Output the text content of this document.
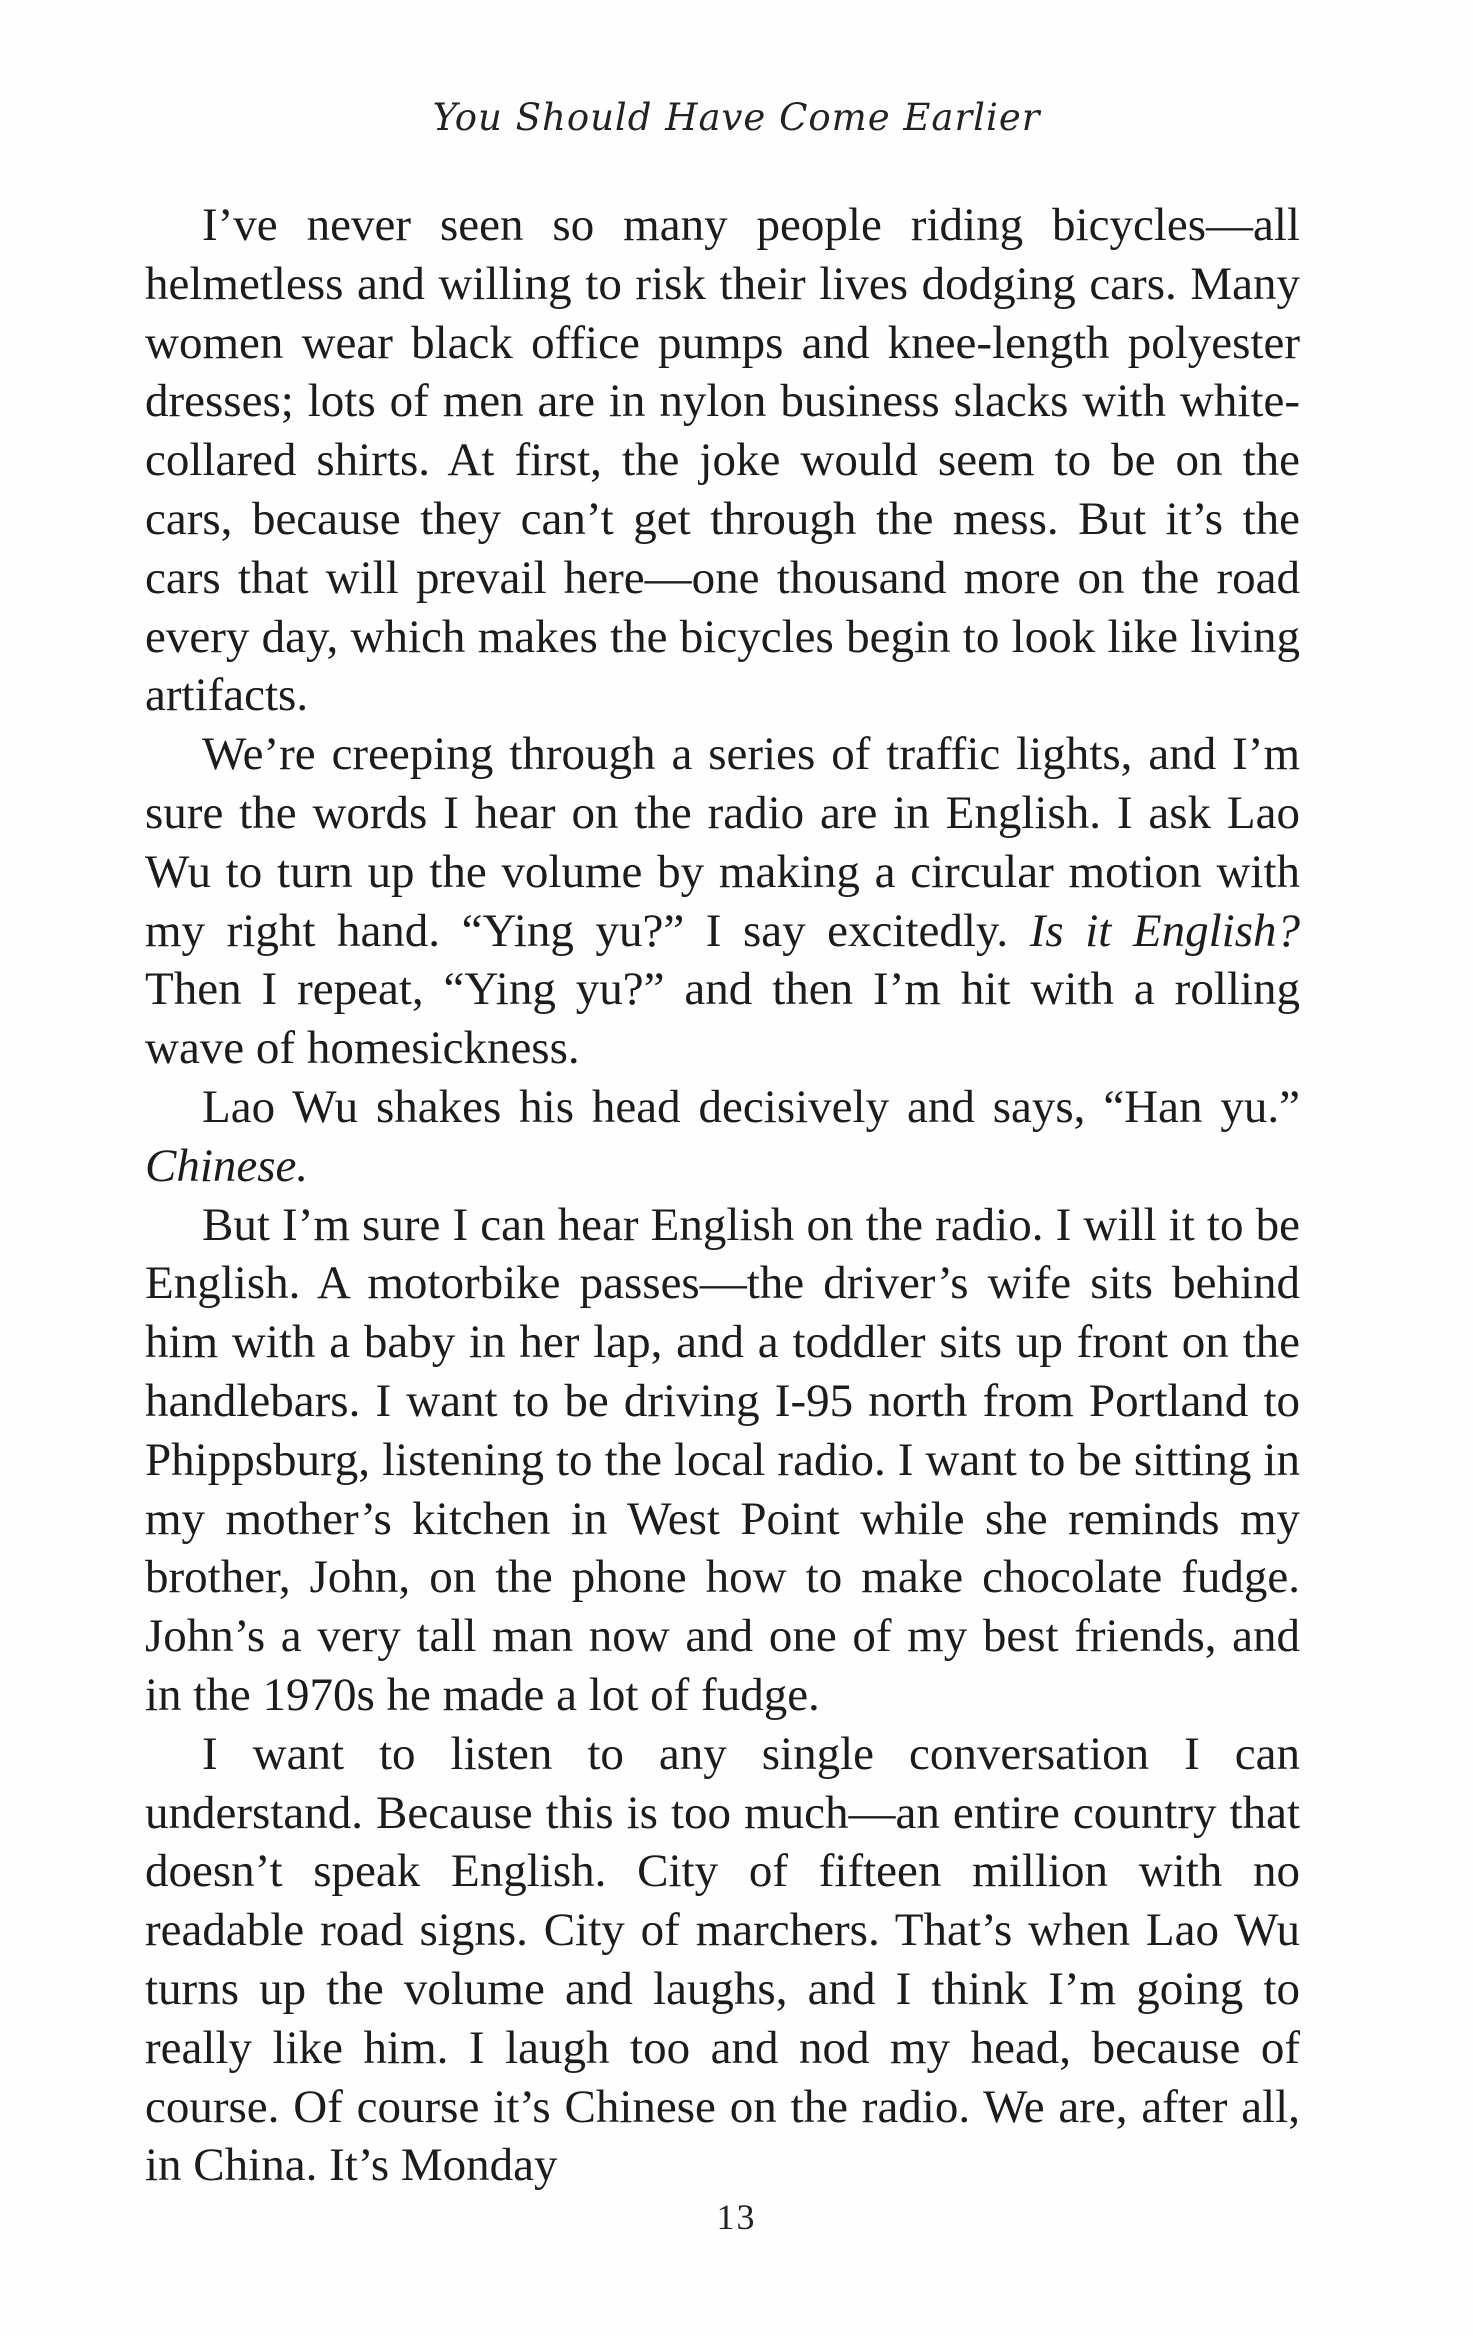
You Should Have Come Earlier

I’ve never seen so many people riding bicycles—all helmetless and willing to risk their lives dodging cars. Many women wear black office pumps and knee-length polyester dresses; lots of men are in nylon business slacks with white-collared shirts. At first, the joke would seem to be on the cars, because they can’t get through the mess. But it’s the cars that will prevail here—one thousand more on the road every day, which makes the bicycles begin to look like living artifacts.

We’re creeping through a series of traffic lights, and I’m sure the words I hear on the radio are in English. I ask Lao Wu to turn up the volume by making a circular motion with my right hand. “Ying yu?” I say excitedly. Is it English? Then I repeat, “Ying yu?” and then I’m hit with a rolling wave of homesickness.

Lao Wu shakes his head decisively and says, “Han yu.” Chinese.

But I’m sure I can hear English on the radio. I will it to be English. A motorbike passes—the driver’s wife sits behind him with a baby in her lap, and a toddler sits up front on the handlebars. I want to be driving I-95 north from Portland to Phippsburg, listening to the local radio. I want to be sitting in my mother’s kitchen in West Point while she reminds my brother, John, on the phone how to make chocolate fudge. John’s a very tall man now and one of my best friends, and in the 1970s he made a lot of fudge.

I want to listen to any single conversation I can understand. Because this is too much—an entire country that doesn’t speak English. City of fifteen million with no readable road signs. City of marchers. That’s when Lao Wu turns up the volume and laughs, and I think I’m going to really like him. I laugh too and nod my head, because of course. Of course it’s Chinese on the radio. We are, after all, in China. It’s Monday

13
